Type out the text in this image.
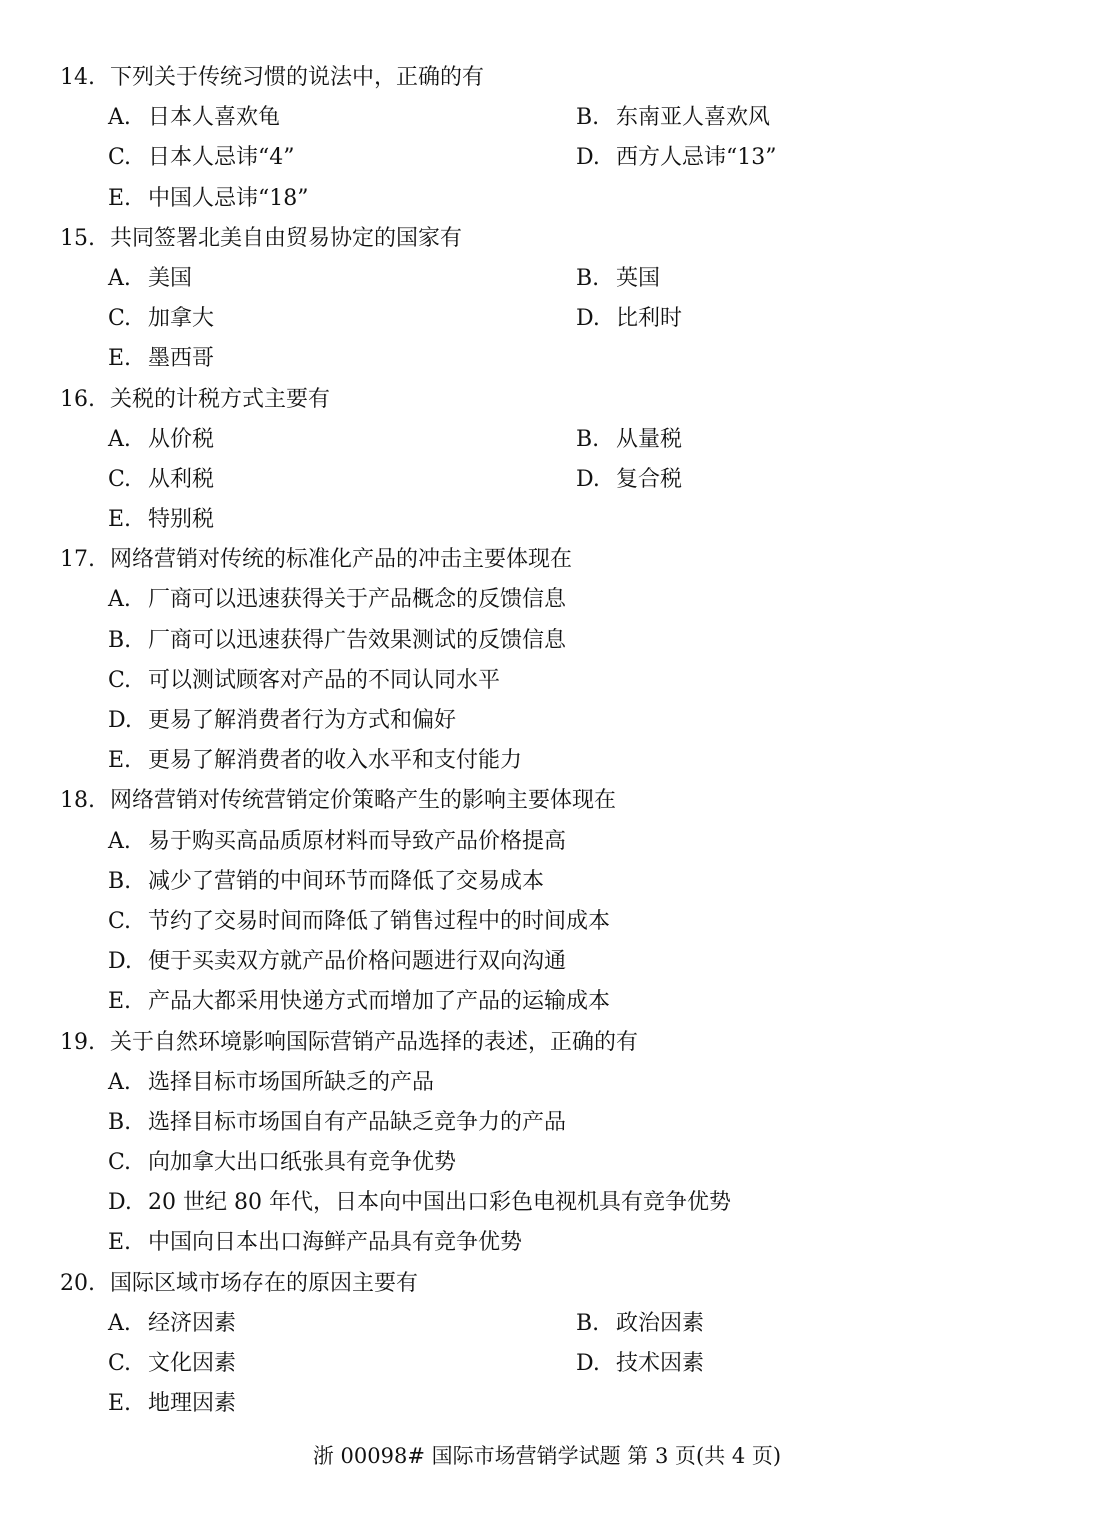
14. 下列关于传统习惯的说法中，正确的有
A. 日本人喜欢龟	B. 东南亚人喜欢风
C. 日本人忌讳“4”	D. 西方人忌讳“13”
E. 中国人忌讳“18”
15. 共同签署北美自由贸易协定的国家有
A. 美国	B. 英国
C. 加拿大	D. 比利时
E. 墨西哥
16. 关税的计税方式主要有
A. 从价税	B. 从量税
C. 从利税	D. 复合税
E. 特别税
17. 网络营销对传统的标准化产品的冲击主要体现在
A. 厂商可以迅速获得关于产品概念的反馈信息
B. 厂商可以迅速获得广告效果测试的反馈信息
C. 可以测试顾客对产品的不同认同水平
D. 更易了解消费者行为方式和偏好
E. 更易了解消费者的收入水平和支付能力
18. 网络营销对传统营销定价策略产生的影响主要体现在
A. 易于购买高品质原材料而导致产品价格提高
B. 减少了营销的中间环节而降低了交易成本
C. 节约了交易时间而降低了销售过程中的时间成本
D. 便于买卖双方就产品价格问题进行双向沟通
E. 产品大都采用快递方式而增加了产品的运输成本
19. 关于自然环境影响国际营销产品选择的表述，正确的有
A. 选择目标市场国所缺乏的产品
B. 选择目标市场国自有产品缺乏竞争力的产品
C. 向加拿大出口纸张具有竞争优势
D. 20 世纪 80 年代，日本向中国出口彩色电视机具有竞争优势
E. 中国向日本出口海鲜产品具有竞争优势
20. 国际区域市场存在的原因主要有
A. 经济因素	B. 政治因素
C. 文化因素	D. 技术因素
E. 地理因素
浙 00098# 国际市场营销学试题 第 3 页(共 4 页)
